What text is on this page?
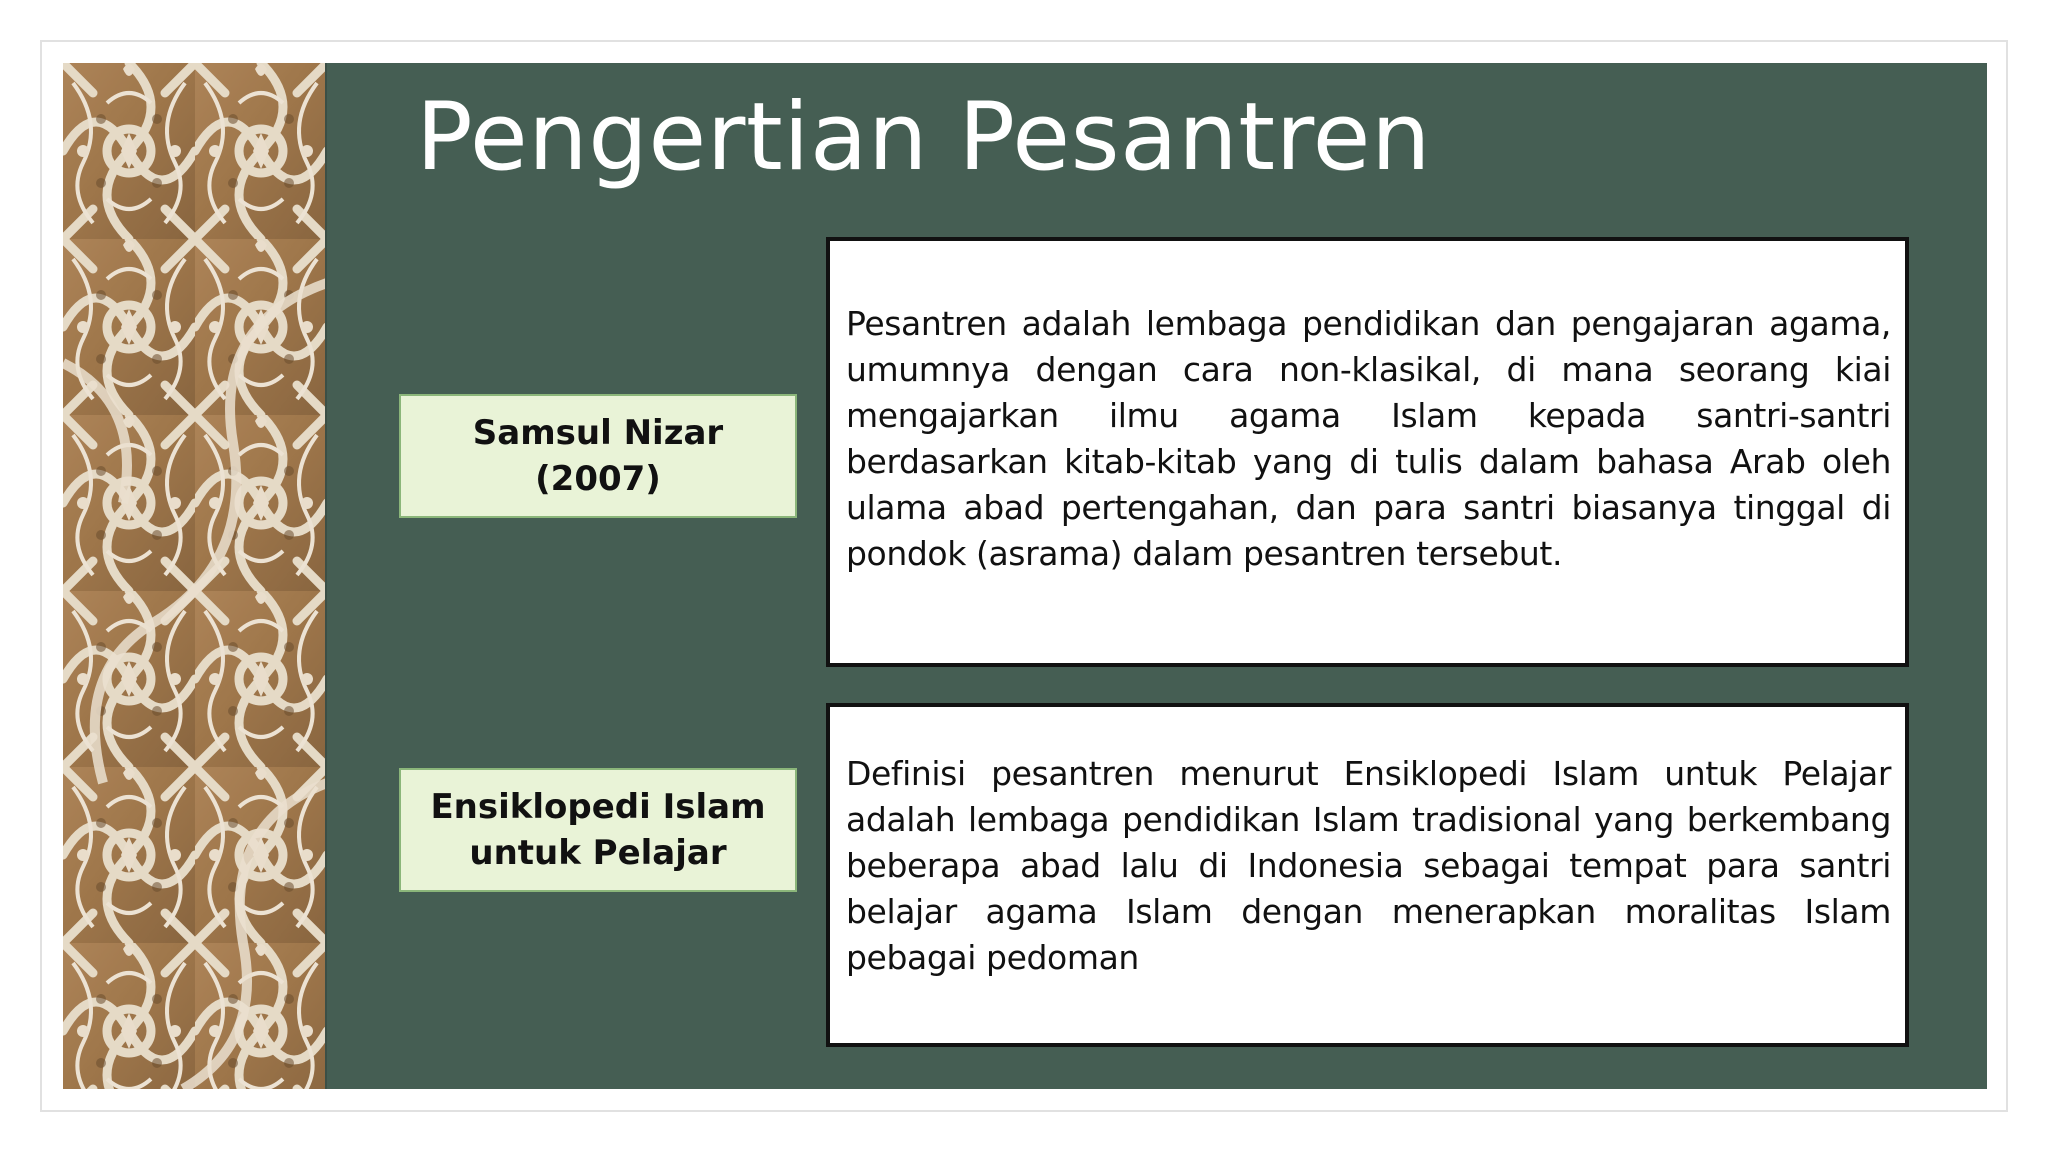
Pengertian Pesantren
Samsul Nizar (2007)

Pesantren adalah lembaga pendidikan dan pengajaran agama, umumnya dengan cara non-klasikal, di mana seorang kiai mengajarkan ilmu agama Islam kepada santri-santri berdasarkan kitab-kitab yang di tulis dalam bahasa Arab oleh ulama abad pertengahan, dan para santri biasanya tinggal di pondok (asrama) dalam pesantren tersebut.

Ensiklopedi Islam untuk Pelajar

Definisi pesantren menurut Ensiklopedi Islam untuk Pelajar adalah lembaga pendidikan Islam tradisional yang berkembang beberapa abad lalu di Indonesia sebagai tempat para santri belajar agama Islam dengan menerapkan moralitas Islam pebagai pedoman
